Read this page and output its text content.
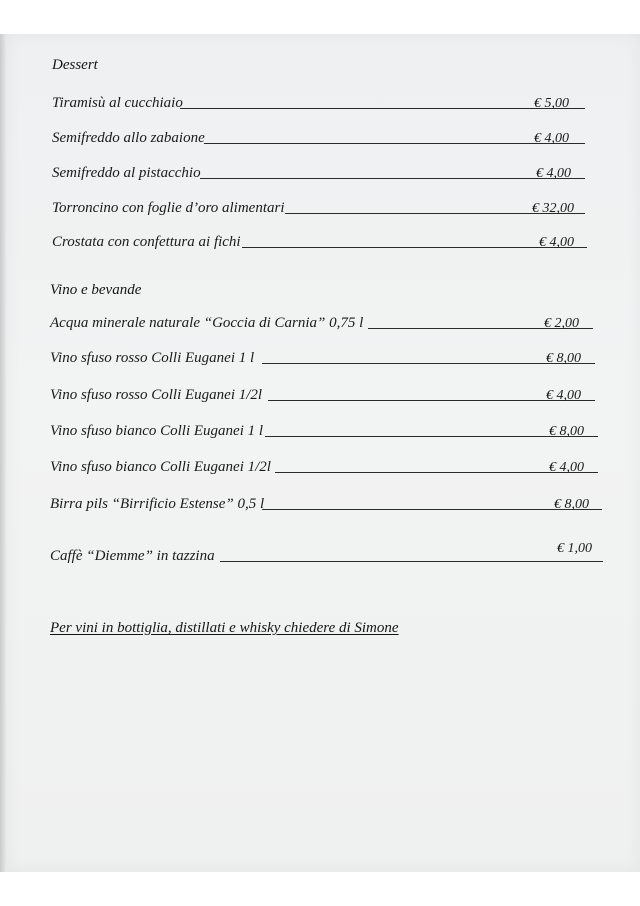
Dessert
Tiramisù al cucchiaio	€ 5,00
Semifreddo allo zabaione	€ 4,00
Semifreddo al pistacchio	€ 4,00
Torroncino con foglie d’oro alimentari	€ 32,00
Crostata con confettura ai fichi	€ 4,00
Vino e bevande
Acqua minerale naturale “Goccia di Carnia” 0,75 l	€ 2,00
Vino sfuso rosso Colli Euganei 1 l	€ 8,00
Vino sfuso rosso Colli Euganei 1/2l	€ 4,00
Vino sfuso bianco Colli Euganei 1 l	€ 8,00
Vino sfuso bianco Colli Euganei 1/2l	€ 4,00
Birra pils “Birrificio Estense” 0,5 l	€ 8,00
Caffè “Diemme” in tazzina	€ 1,00
Per vini in bottiglia, distillati e whisky chiedere di Simone
